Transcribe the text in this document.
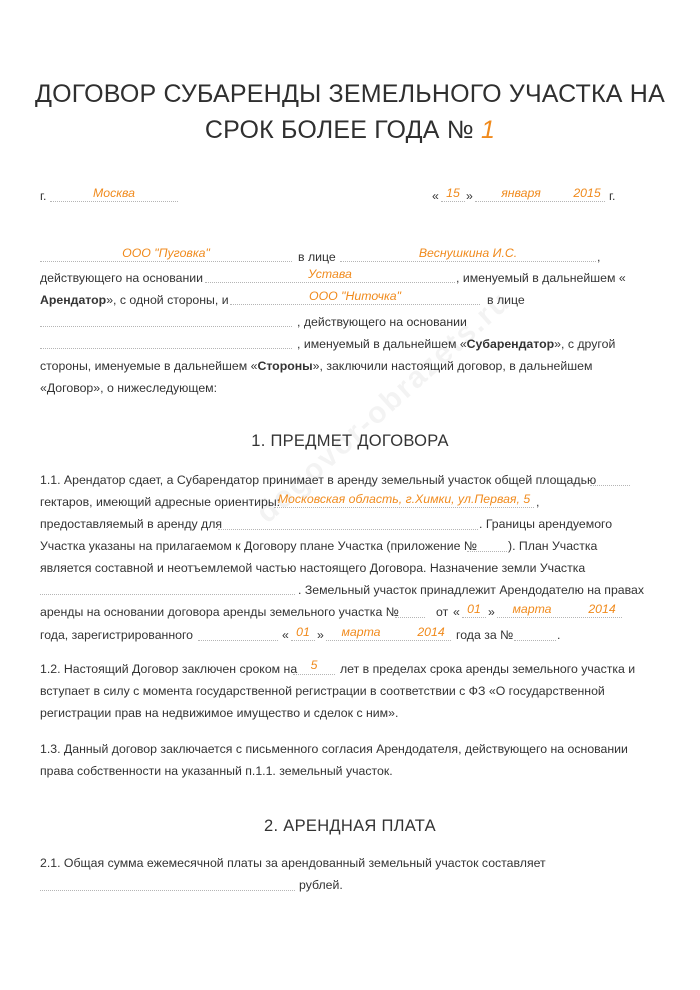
ДОГОВОР СУБАРЕНДЫ ЗЕМЕЛЬНОГО УЧАСТКА НА
СРОК БОЛЕЕ ГОДА № 1
г.	Москва	« 15 »	января	2015 г.
ООО "Пуговка"	в лице	Веснушкина И.С.	,
действующего на основании	Устава	, именуемый в дальнейшем «
Арендатор», с одной стороны, и	ООО "Ниточка"	в лице
, действующего на основании
, именуемый в дальнейшем «Субарендатор», с другой
стороны, именуемые в дальнейшем «Стороны», заключили настоящий договор, в дальнейшем
«Договор», о нижеследующем:
1. ПРЕДМЕТ ДОГОВОРА
1.1. Арендатор сдает, а Субарендатор принимает в аренду земельный участок общей площадью
гектаров, имеющий адресные ориентиры:
Московская область, г.Химки, ул.Первая, 5 ,
предоставляемый в аренду для	. Границы арендуемого
Участка указаны на прилагаемом к Договору плане Участка (приложение №	). План Участка
является составной и неотъемлемой частью настоящего Договора. Назначение земли Участка
. Земельный участок принадлежит Арендодателю на правах
аренды на основании договора аренды земельного участка №	от « 01 » марта	2014
года, зарегистрированного	« 01 » марта	2014 года за №	.
1.2. Настоящий Договор заключен сроком на	5	лет в пределах срока аренды земельного участка и
вступает в силу с момента государственной регистрации в соответствии с ФЗ «О государственной
регистрации прав на недвижимое имущество и сделок с ним».
1.3. Данный договор заключается с письменного согласия Арендодателя, действующего на основании
права собственности на указанный п.1.1. земельный участок.
2. АРЕНДНАЯ ПЛАТА
2.1. Общая сумма ежемесячной платы за арендованный земельный участок составляет
рублей.
